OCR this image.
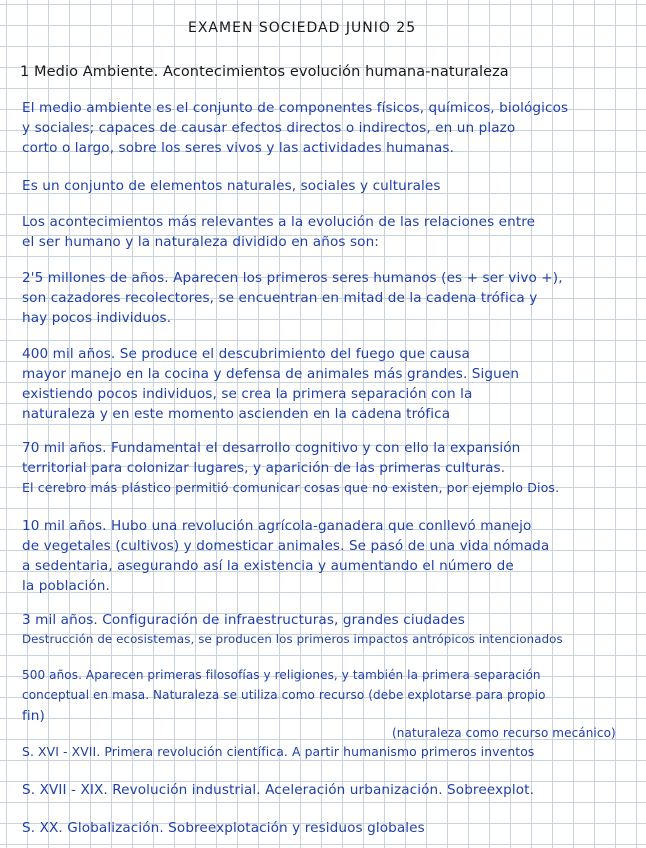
EXAMEN SOCIEDAD JUNIO 25
1 Medio Ambiente. Acontecimientos evolución humana-naturaleza
El medio ambiente es el conjunto de componentes físicos, químicos, biológicos
y sociales; capaces de causar efectos directos o indirectos, en un plazo
corto o largo, sobre los seres vivos y las actividades humanas.
Es un conjunto de elementos naturales, sociales y culturales
Los acontecimientos más relevantes a la evolución de las relaciones entre
el ser humano y la naturaleza dividido en años son:
2'5 millones de años. Aparecen los primeros seres humanos (es + ser vivo +),
son cazadores recolectores, se encuentran en mitad de la cadena trófica y
hay pocos individuos.
400 mil años. Se produce el descubrimiento del fuego que causa
mayor manejo en la cocina y defensa de animales más grandes. Siguen
existiendo pocos individuos, se crea la primera separación con la
naturaleza y en este momento ascienden en la cadena trófica
70 mil años. Fundamental el desarrollo cognitivo y con ello la expansión
territorial para colonizar lugares, y aparición de las primeras culturas.
El cerebro más plástico permitió comunicar cosas que no existen, por ejemplo Dios.
10 mil años. Hubo una revolución agrícola-ganadera que conllevó manejo
de vegetales (cultivos) y domesticar animales. Se pasó de una vida nómada
a sedentaria, asegurando así la existencia y aumentando el número de
la población.
3 mil años. Configuración de infraestructuras, grandes ciudades
Destrucción de ecosistemas, se producen los primeros impactos antrópicos intencionados
500 años. Aparecen primeras filosofías y religiones, y también la primera separación
conceptual en masa. Naturaleza se utiliza como recurso (debe explotarse para propio
fin)
(naturaleza como recurso mecánico)
S. XVI - XVII. Primera revolución científica. A partir humanismo primeros inventos
S. XVII - XIX. Revolución industrial. Aceleración urbanización. Sobreexplot.
S. XX. Globalización. Sobreexplotación y residuos globales
